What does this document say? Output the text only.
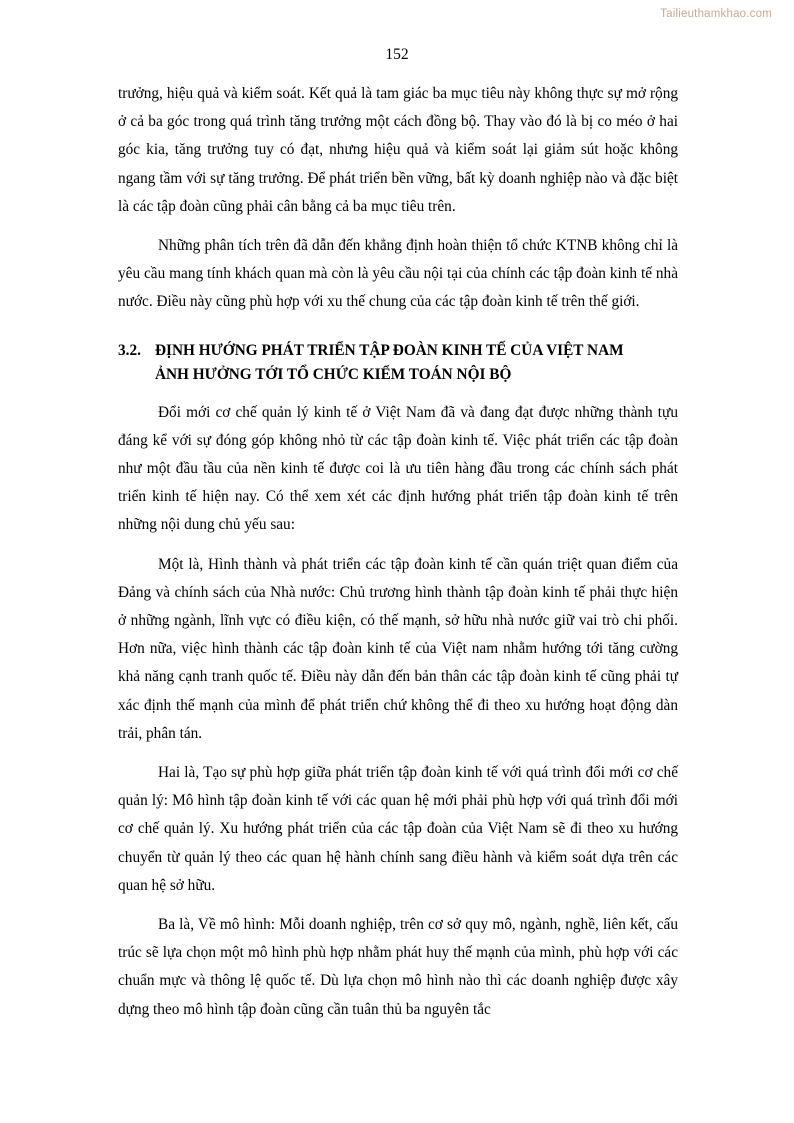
Tailieuthamkhao.com
152

trưởng, hiệu quả và kiểm soát. Kết quả là tam giác ba mục tiêu này không thực sự mở rộng ở cả ba góc trong quá trình tăng trưởng một cách đồng bộ. Thay vào đó là bị co méo ở hai góc kia, tăng trưởng tuy có đạt, nhưng hiệu quả và kiểm soát lại giảm sút hoặc không ngang tầm với sự tăng trưởng. Để phát triển bền vững, bất kỳ doanh nghiệp nào và đặc biệt là các tập đoàn cũng phải cân bằng cả ba mục tiêu trên.

Những phân tích trên đã dẫn đến khẳng định hoàn thiện tổ chức KTNB không chỉ là yêu cầu mang tính khách quan mà còn là yêu cầu nội tại của chính các tập đoàn kinh tế nhà nước. Điều này cũng phù hợp với xu thế chung của các tập đoàn kinh tế trên thế giới.

3.2. ĐỊNH HƯỚNG PHÁT TRIỂN TẬP ĐOÀN KINH TẾ CỦA VIỆT NAM
ẢNH HƯỞNG TỚI TỔ CHỨC KIỂM TOÁN NỘI BỘ

Đổi mới cơ chế quản lý kinh tế ở Việt Nam đã và đang đạt được những thành tựu đáng kể với sự đóng góp không nhỏ từ các tập đoàn kinh tế. Việc phát triển các tập đoàn như một đầu tầu của nền kinh tế được coi là ưu tiên hàng đầu trong các chính sách phát triển kinh tế hiện nay. Có thể xem xét các định hướng phát triển tập đoàn kinh tế trên những nội dung chủ yếu sau:

Một là, Hình thành và phát triển các tập đoàn kinh tế cần quán triệt quan điểm của Đảng và chính sách của Nhà nước: Chủ trương hình thành tập đoàn kinh tế phải thực hiện ở những ngành, lĩnh vực có điều kiện, có thế mạnh, sở hữu nhà nước giữ vai trò chi phối. Hơn nữa, việc hình thành các tập đoàn kinh tế của Việt nam nhằm hướng tới tăng cường khả năng cạnh tranh quốc tế. Điều này dẫn đến bản thân các tập đoàn kinh tế cũng phải tự xác định thế mạnh của mình để phát triển chứ không thể đi theo xu hướng hoạt động dàn trải, phân tán.

Hai là, Tạo sự phù hợp giữa phát triển tập đoàn kinh tế với quá trình đổi mới cơ chế quản lý: Mô hình tập đoàn kinh tế với các quan hệ mới phải phù hợp với quá trình đổi mới cơ chế quản lý. Xu hướng phát triển của các tập đoàn của Việt Nam sẽ đi theo xu hướng chuyển từ quản lý theo các quan hệ hành chính sang điều hành và kiểm soát dựa trên các quan hệ sở hữu.

Ba là, Về mô hình: Mỗi doanh nghiệp, trên cơ sở quy mô, ngành, nghề, liên kết, cấu trúc sẽ lựa chọn một mô hình phù hợp nhằm phát huy thế mạnh của mình, phù hợp với các chuẩn mực và thông lệ quốc tế. Dù lựa chọn mô hình nào thì các doanh nghiệp được xây dựng theo mô hình tập đoàn cũng cần tuân thủ ba nguyên tắc
